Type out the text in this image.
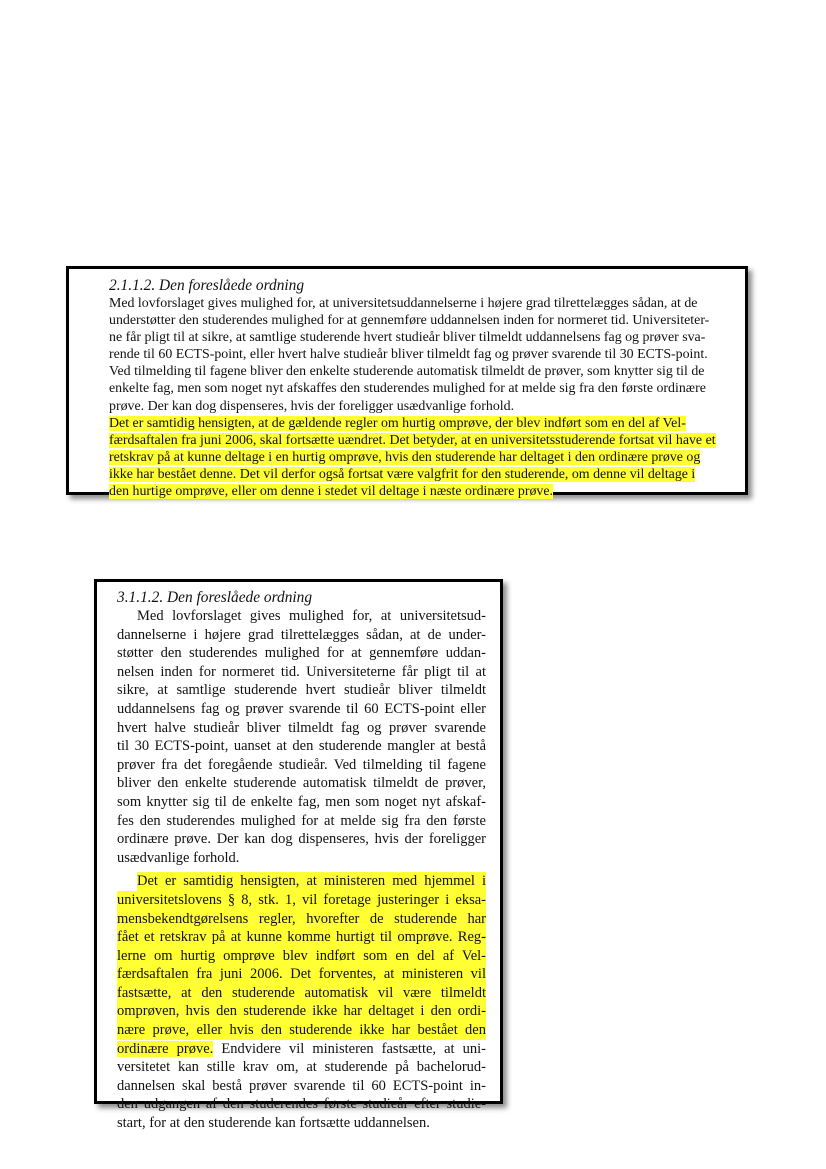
2.1.1.2. Den foreslåede ordning

Med lovforslaget gives mulighed for, at universitetsuddannelserne i højere grad tilrettelægges sådan, at de
understøtter den studerendes mulighed for at gennemføre uddannelsen inden for normeret tid. Universiteter-
ne får pligt til at sikre, at samtlige studerende hvert studieår bliver tilmeldt uddannelsens fag og prøver sva-
rende til 60 ECTS-point, eller hvert halve studieår bliver tilmeldt fag og prøver svarende til 30 ECTS-point.
Ved tilmelding til fagene bliver den enkelte studerende automatisk tilmeldt de prøver, som knytter sig til de
enkelte fag, men som noget nyt afskaffes den studerendes mulighed for at melde sig fra den første ordinære
prøve. Der kan dog dispenseres, hvis der foreligger usædvanlige forhold.

Det er samtidig hensigten, at de gældende regler om hurtig omprøve, der blev indført som en del af Vel-
færdsaftalen fra juni 2006, skal fortsætte uændret. Det betyder, at en universitetsstuderende fortsat vil have et
retskrav på at kunne deltage i en hurtig omprøve, hvis den studerende har deltaget i den ordinære prøve og
ikke har bestået denne. Det vil derfor også fortsat være valgfrit for den studerende, om denne vil deltage i
den hurtige omprøve, eller om denne i stedet vil deltage i næste ordinære prøve.

3.1.1.2. Den foreslåede ordning

Med lovforslaget gives mulighed for, at universitetsud-
dannelserne i højere grad tilrettelægges sådan, at de under-
støtter den studerendes mulighed for at gennemføre uddan-
nelsen inden for normeret tid. Universiteterne får pligt til at
sikre, at samtlige studerende hvert studieår bliver tilmeldt
uddannelsens fag og prøver svarende til 60 ECTS-point eller
hvert halve studieår bliver tilmeldt fag og prøver svarende
til 30 ECTS-point, uanset at den studerende mangler at bestå
prøver fra det foregående studieår. Ved tilmelding til fagene
bliver den enkelte studerende automatisk tilmeldt de prøver,
som knytter sig til de enkelte fag, men som noget nyt afskaf-
fes den studerendes mulighed for at melde sig fra den første
ordinære prøve. Der kan dog dispenseres, hvis der foreligger
usædvanlige forhold.

Det er samtidig hensigten, at ministeren med hjemmel i
universitetslovens § 8, stk. 1, vil foretage justeringer i eksa-
mensbekendtgørelsens regler, hvorefter de studerende har
fået et retskrav på at kunne komme hurtigt til omprøve. Reg-
lerne om hurtig omprøve blev indført som en del af Vel-
færdsaftalen fra juni 2006. Det forventes, at ministeren vil
fastsætte, at den studerende automatisk vil være tilmeldt
omprøven, hvis den studerende ikke har deltaget i den ordi-
nære prøve, eller hvis den studerende ikke har bestået den
ordinære prøve. Endvidere vil ministeren fastsætte, at uni-
versitetet kan stille krav om, at studerende på bachelorud-
dannelsen skal bestå prøver svarende til 60 ECTS-point in-
den udgangen af den studerendes første studieår efter studie-
start, for at den studerende kan fortsætte uddannelsen.
